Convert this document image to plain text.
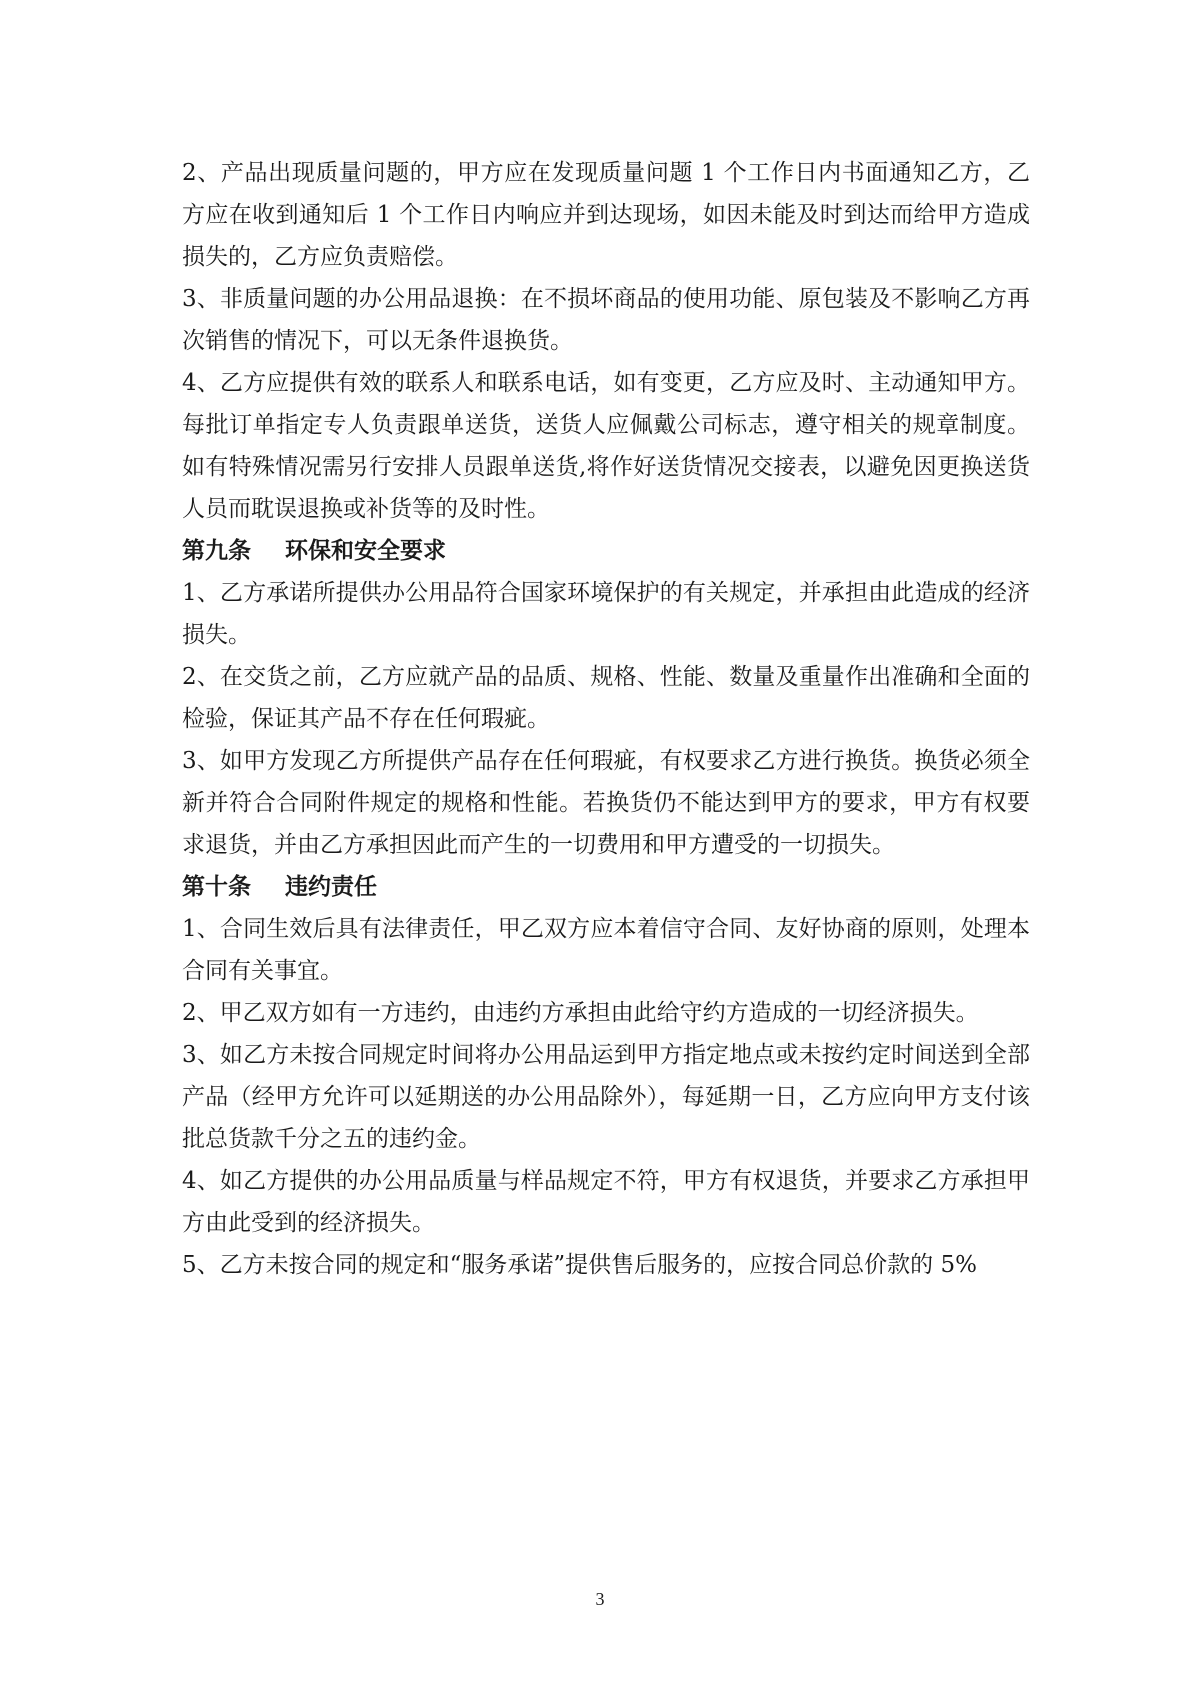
2、产品出现质量问题的，甲方应在发现质量问题 1 个工作日内书面通知乙方，乙方应在收到通知后 1 个工作日内响应并到达现场，如因未能及时到达而给甲方造成损失的，乙方应负责赔偿。

3、非质量问题的办公用品退换：在不损坏商品的使用功能、原包装及不影响乙方再次销售的情况下，可以无条件退换货。

4、乙方应提供有效的联系人和联系电话，如有变更，乙方应及时、主动通知甲方。每批订单指定专人负责跟单送货，送货人应佩戴公司标志，遵守相关的规章制度。如有特殊情况需另行安排人员跟单送货,将作好送货情况交接表，以避免因更换送货人员而耽误退换或补货等的及时性。

第九条 环保和安全要求

1、乙方承诺所提供办公用品符合国家环境保护的有关规定，并承担由此造成的经济损失。

2、在交货之前，乙方应就产品的品质、规格、性能、数量及重量作出准确和全面的检验，保证其产品不存在任何瑕疵。

3、如甲方发现乙方所提供产品存在任何瑕疵，有权要求乙方进行换货。换货必须全新并符合合同附件规定的规格和性能。若换货仍不能达到甲方的要求，甲方有权要求退货，并由乙方承担因此而产生的一切费用和甲方遭受的一切损失。

第十条 违约责任

1、合同生效后具有法律责任，甲乙双方应本着信守合同、友好协商的原则，处理本合同有关事宜。

2、甲乙双方如有一方违约，由违约方承担由此给守约方造成的一切经济损失。

3、如乙方未按合同规定时间将办公用品运到甲方指定地点或未按约定时间送到全部产品（经甲方允许可以延期送的办公用品除外），每延期一日，乙方应向甲方支付该批总货款千分之五的违约金。

4、如乙方提供的办公用品质量与样品规定不符，甲方有权退货，并要求乙方承担甲方由此受到的经济损失。

5、乙方未按合同的规定和“服务承诺”提供售后服务的，应按合同总价款的 5%

3
